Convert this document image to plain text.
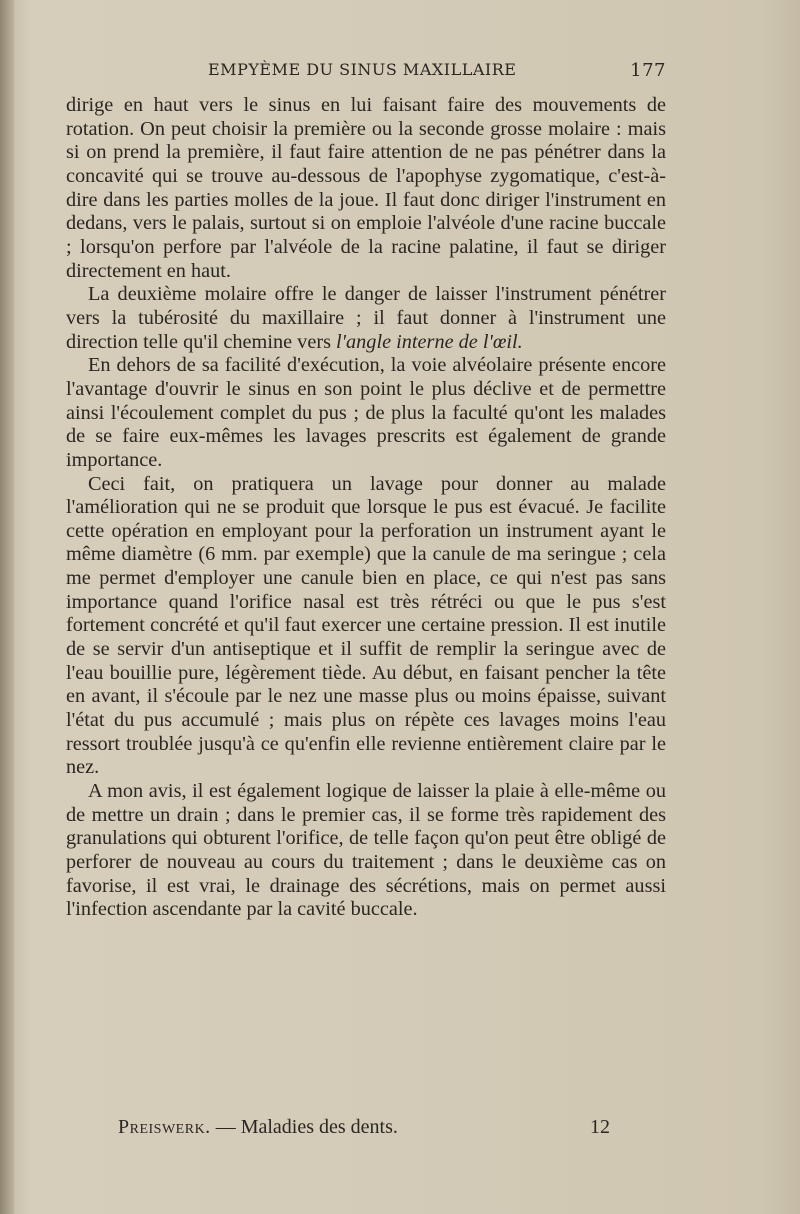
EMPYÈME DU SINUS MAXILLAIRE	177

dirige en haut vers le sinus en lui faisant faire des mouvements de rotation. On peut choisir la première ou la seconde grosse molaire : mais si on prend la première, il faut faire attention de ne pas pénétrer dans la concavité qui se trouve au-dessous de l'apophyse zygomatique, c'est-à-dire dans les parties molles de la joue. Il faut donc diriger l'instrument en dedans, vers le palais, surtout si on emploie l'alvéole d'une racine buccale ; lorsqu'on perfore par l'alvéole de la racine palatine, il faut se diriger directement en haut.

La deuxième molaire offre le danger de laisser l'instrument pénétrer vers la tubérosité du maxillaire ; il faut donner à l'instrument une direction telle qu'il chemine vers l'angle interne de l'œil.

En dehors de sa facilité d'exécution, la voie alvéolaire présente encore l'avantage d'ouvrir le sinus en son point le plus déclive et de permettre ainsi l'écoulement complet du pus ; de plus la faculté qu'ont les malades de se faire eux-mêmes les lavages prescrits est également de grande importance.

Ceci fait, on pratiquera un lavage pour donner au malade l'amélioration qui ne se produit que lorsque le pus est évacué. Je facilite cette opération en employant pour la perforation un instrument ayant le même diamètre (6 mm. par exemple) que la canule de ma seringue ; cela me permet d'employer une canule bien en place, ce qui n'est pas sans importance quand l'orifice nasal est très rétréci ou que le pus s'est fortement concrété et qu'il faut exercer une certaine pression. Il est inutile de se servir d'un antiseptique et il suffit de remplir la seringue avec de l'eau bouillie pure, légèrement tiède. Au début, en faisant pencher la tête en avant, il s'écoule par le nez une masse plus ou moins épaisse, suivant l'état du pus accumulé ; mais plus on répète ces lavages moins l'eau ressort troublée jusqu'à ce qu'enfin elle revienne entièrement claire par le nez.

A mon avis, il est également logique de laisser la plaie à elle-même ou de mettre un drain ; dans le premier cas, il se forme très rapidement des granulations qui obturent l'orifice, de telle façon qu'on peut être obligé de perforer de nouveau au cours du traitement ; dans le deuxième cas on favorise, il est vrai, le drainage des sécrétions, mais on permet aussi l'infection ascendante par la cavité buccale.

Preiswerk. — Maladies des dents.	12
